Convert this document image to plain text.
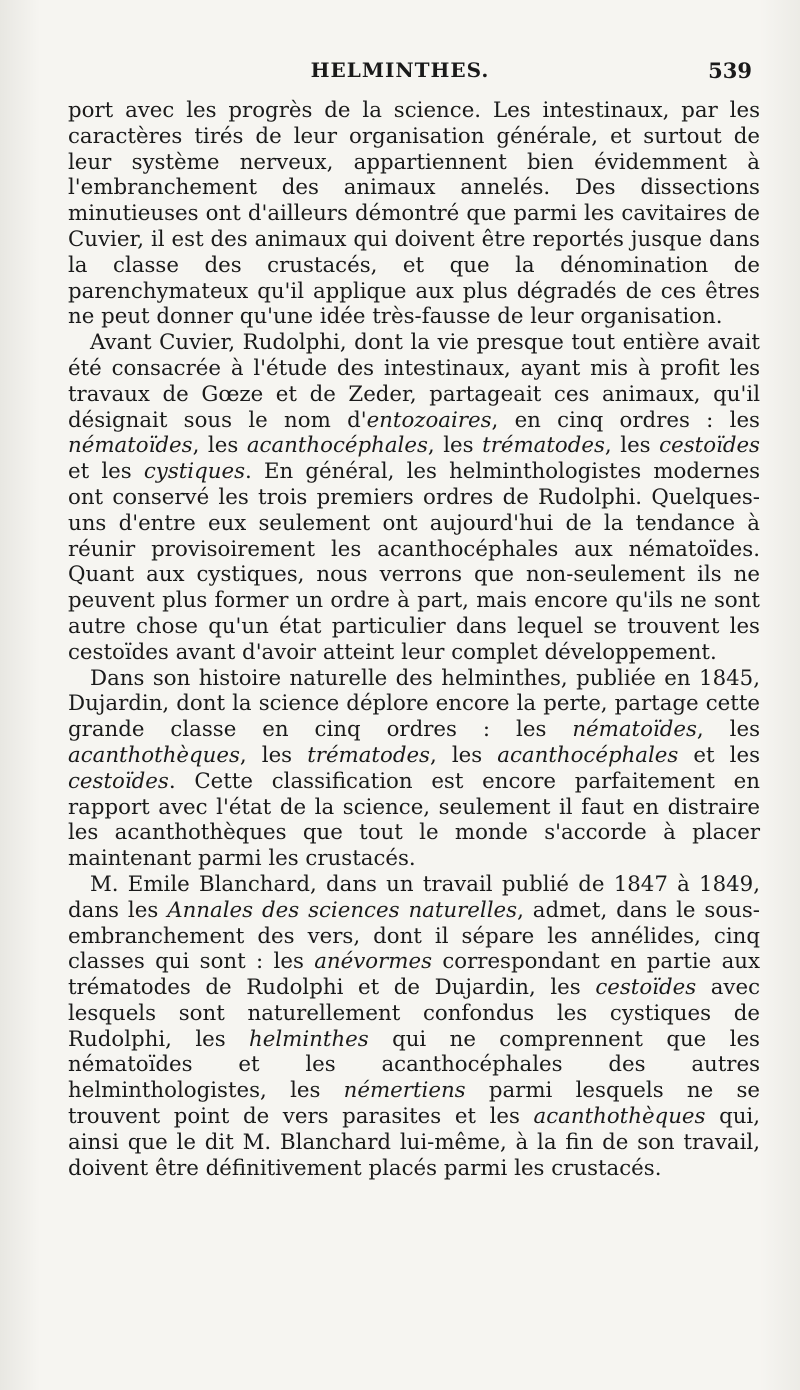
HELMINTHES.	539

port avec les progrès de la science. Les intestinaux, par les caractères tirés de leur organisation générale, et surtout de leur système nerveux, appartiennent bien évidemment à l'embranchement des animaux annelés. Des dissections minutieuses ont d'ailleurs démontré que parmi les cavitaires de Cuvier, il est des animaux qui doivent être reportés jusque dans la classe des crustacés, et que la dénomination de parenchymateux qu'il applique aux plus dégradés de ces êtres ne peut donner qu'une idée très-fausse de leur organisation.

Avant Cuvier, Rudolphi, dont la vie presque tout entière avait été consacrée à l'étude des intestinaux, ayant mis à profit les travaux de Gœze et de Zeder, partageait ces animaux, qu'il désignait sous le nom d'entozoaires, en cinq ordres : les nématoïdes, les acanthocéphales, les trématodes, les cestoïdes et les cystiques. En général, les helminthologistes modernes ont conservé les trois premiers ordres de Rudolphi. Quelques-uns d'entre eux seulement ont aujourd'hui de la tendance à réunir provisoirement les acanthocéphales aux nématoïdes. Quant aux cystiques, nous verrons que non-seulement ils ne peuvent plus former un ordre à part, mais encore qu'ils ne sont autre chose qu'un état particulier dans lequel se trouvent les cestoïdes avant d'avoir atteint leur complet développement.

Dans son histoire naturelle des helminthes, publiée en 1845, Dujardin, dont la science déplore encore la perte, partage cette grande classe en cinq ordres : les nématoïdes, les acanthothèques, les trématodes, les acanthocéphales et les cestoïdes. Cette classification est encore parfaitement en rapport avec l'état de la science, seulement il faut en distraire les acanthothèques que tout le monde s'accorde à placer maintenant parmi les crustacés.

M. Emile Blanchard, dans un travail publié de 1847 à 1849, dans les Annales des sciences naturelles, admet, dans le sous-embranchement des vers, dont il sépare les annélides, cinq classes qui sont : les anévormes correspondant en partie aux trématodes de Rudolphi et de Dujardin, les cestoïdes avec lesquels sont naturellement confondus les cystiques de Rudolphi, les helminthes qui ne comprennent que les nématoïdes et les acanthocéphales des autres helminthologistes, les némertiens parmi lesquels ne se trouvent point de vers parasites et les acanthothèques qui, ainsi que le dit M. Blanchard lui-même, à la fin de son travail, doivent être définitivement placés parmi les crustacés.
